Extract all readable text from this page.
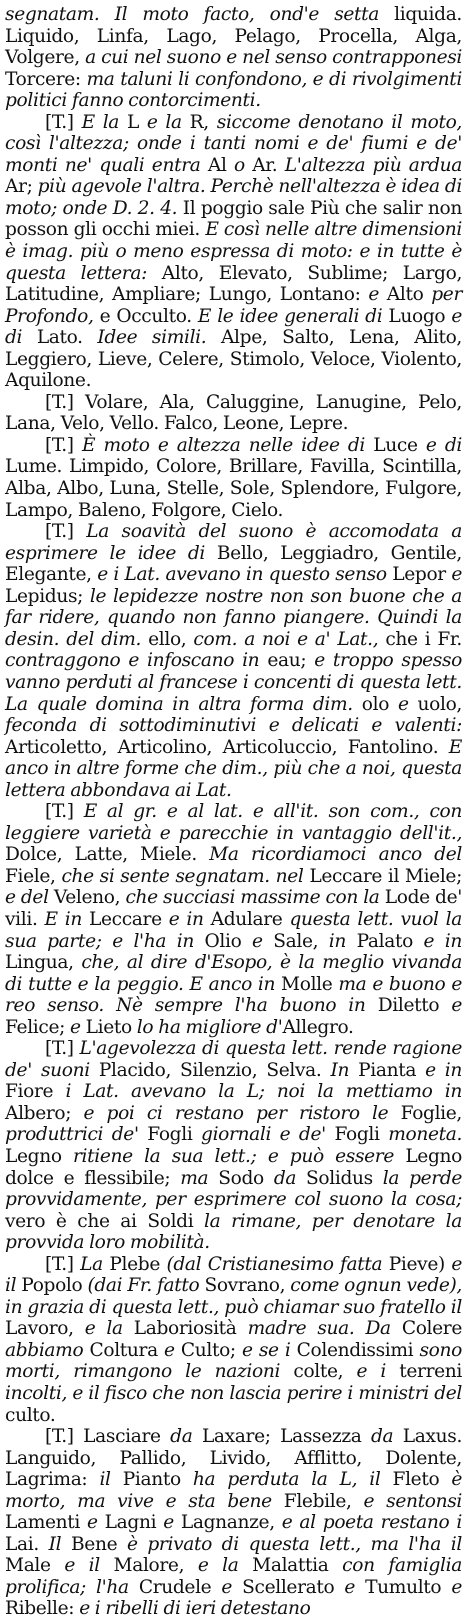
segnatam. Il moto facto, ond'e setta liquida. Liquido, Linfa, Lago, Pelago, Procella, Alga, Volgere, a cui nel suono e nel senso contrapponesi Torcere: ma taluni li confondono, e di rivolgimenti politici fanno contorcimenti.

[T.] E la L e la R, siccome denotano il moto, così l'altezza; onde i tanti nomi e de' fiumi e de' monti ne' quali entra Al o Ar. L'altezza più ardua Ar; più agevole l'altra. Perchè nell'altezza è idea di moto; onde D. 2. 4. Il poggio sale Più che salir non posson gli occhi miei. E così nelle altre dimensioni è imag. più o meno espressa di moto: e in tutte è questa lettera: Alto, Elevato, Sublime; Largo, Latitudine, Ampliare; Lungo, Lontano: e Alto per Profondo, e Occulto. E le idee generali di Luogo e di Lato. Idee simili. Alpe, Salto, Lena, Alito, Leggiero, Lieve, Celere, Stimolo, Veloce, Violento, Aquilone.

[T.] Volare, Ala, Caluggine, Lanugine, Pelo, Lana, Velo, Vello. Falco, Leone, Lepre.

[T.] È moto e altezza nelle idee di Luce e di Lume. Limpido, Colore, Brillare, Favilla, Scintilla, Alba, Albo, Luna, Stelle, Sole, Splendore, Fulgore, Lampo, Baleno, Folgore, Cielo.

[T.] La soavità del suono è accomodata a esprimere le idee di Bello, Leggiadro, Gentile, Elegante, e i Lat. avevano in questo senso Lepor e Lepidus; le lepidezze nostre non son buone che a far ridere, quando non fanno piangere. Quindi la desin. del dim. ello, com. a noi e a' Lat., che i Fr. contraggono e infoscano in eau; e troppo spesso vanno perduti al francese i concenti di questa lett. La quale domina in altra forma dim. olo e uolo, feconda di sottodiminutivi e delicati e valenti: Articoletto, Articolino, Articoluccio, Fantolino. E anco in altre forme che dim., più che a noi, questa lettera abbondava ai Lat.

[T.] E al gr. e al lat. e all'it. son com., con leggiere varietà e parecchie in vantaggio dell'it., Dolce, Latte, Miele. Ma ricordiamoci anco del Fiele, che si sente segnatam. nel Leccare il Miele; e del Veleno, che succiasi massime con la Lode de' vili. E in Leccare e in Adulare questa lett. vuol la sua parte; e l'ha in Olio e Sale, in Palato e in Lingua, che, al dire d'Esopo, è la meglio vivanda di tutte e la peggio. E anco in Molle ma e buono e reo senso. Nè sempre l'ha buono in Diletto e Felice; e Lieto lo ha migliore d'Allegro.

[T.] L'agevolezza di questa lett. rende ragione de' suoni Placido, Silenzio, Selva. In Pianta e in Fiore i Lat. avevano la L; noi la mettiamo in Albero; e poi ci restano per ristoro le Foglie, produttrici de' Fogli giornali e de' Fogli moneta. Legno ritiene la sua lett.; e può essere Legno dolce e flessibile; ma Sodo da Solidus la perde provvidamente, per esprimere col suono la cosa; vero è che ai Soldi la rimane, per denotare la provvida loro mobilità.

[T.] La Plebe (dal Cristianesimo fatta Pieve) e il Popolo (dai Fr. fatto Sovrano, come ognun vede), in grazia di questa lett., può chiamar suo fratello il Lavoro, e la Laboriosità madre sua. Da Colere abbiamo Coltura e Culto; e se i Colendissimi sono morti, rimangono le nazioni colte, e i terreni incolti, e il fisco che non lascia perire i ministri del culto.

[T.] Lasciare da Laxare; Lassezza da Laxus. Languido, Pallido, Livido, Afflitto, Dolente, Lagrima: il Pianto ha perduta la L, il Fleto è morto, ma vive e sta bene Flebile, e sentonsi Lamenti e Lagni e Lagnanze, e al poeta restano i Lai. Il Bene è privato di questa lett., ma l'ha il Male e il Malore, e la Malattia con famiglia prolifica; l'ha Crudele e Scellerato e Tumulto e Ribelle: e i ribelli di ieri detestano
